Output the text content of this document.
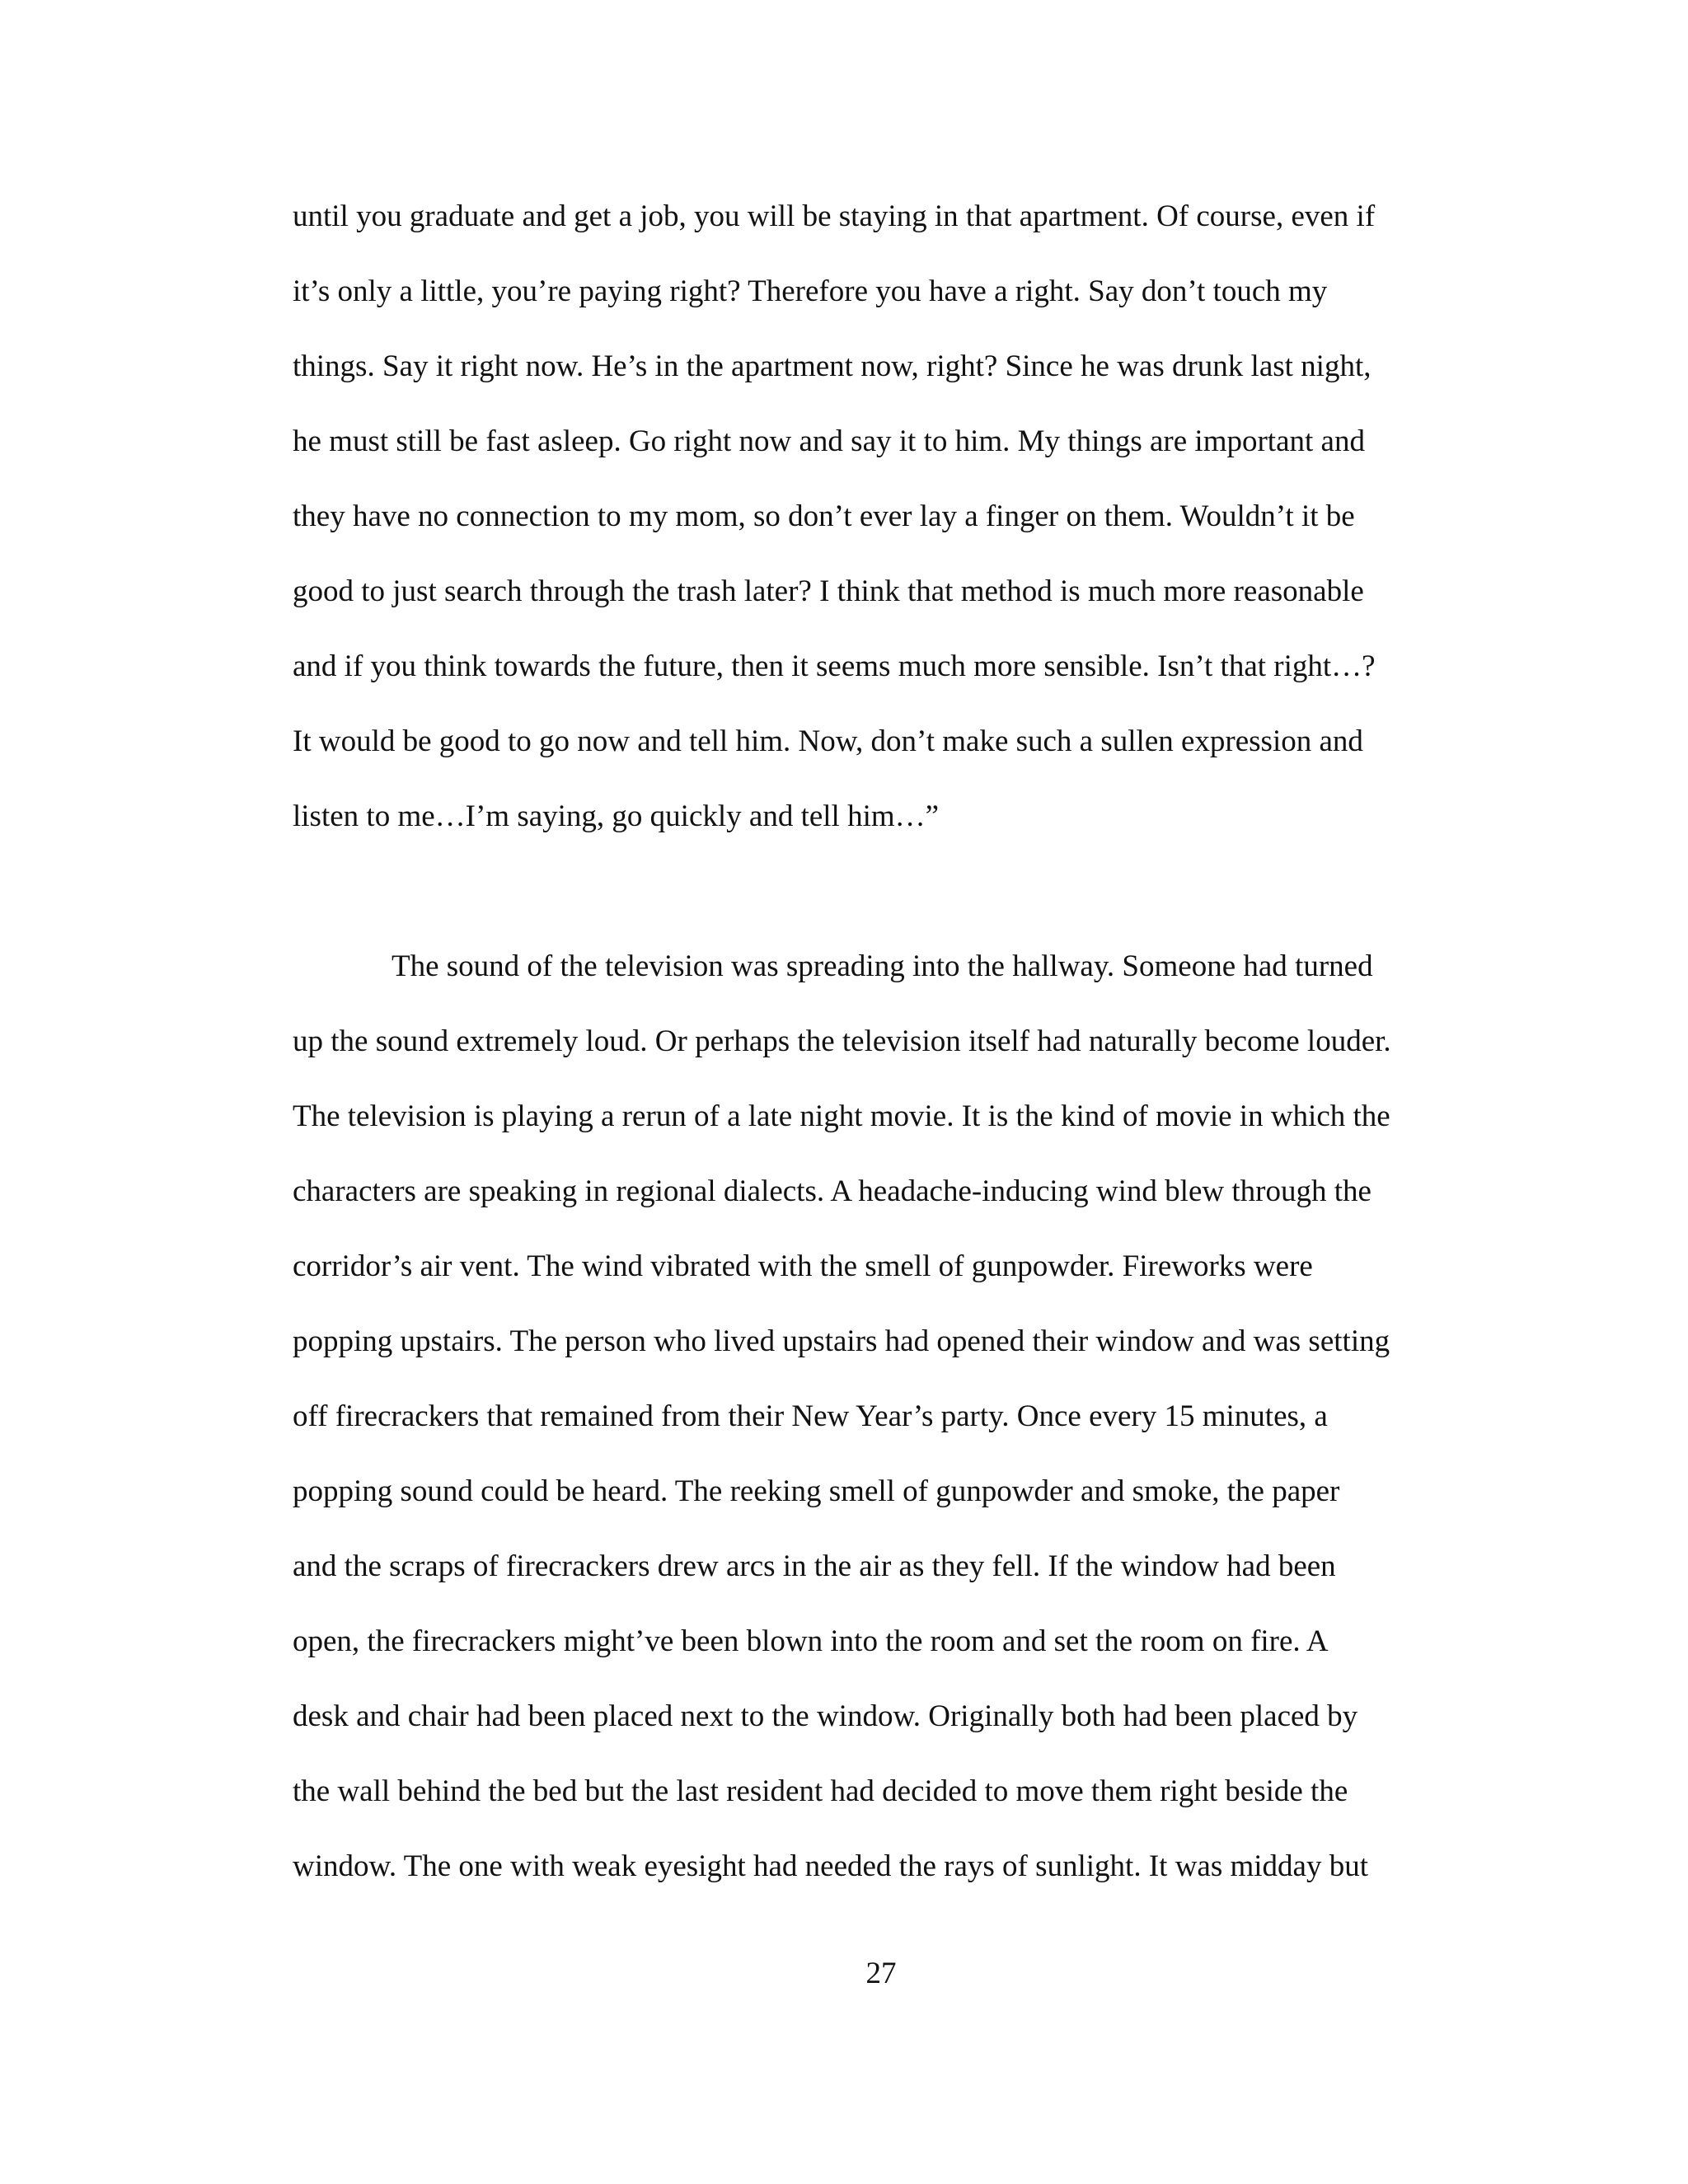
until you graduate and get a job, you will be staying in that apartment. Of course, even if
it’s only a little, you’re paying right? Therefore you have a right. Say don’t touch my
things. Say it right now. He’s in the apartment now, right? Since he was drunk last night,
he must still be fast asleep. Go right now and say it to him. My things are important and
they have no connection to my mom, so don’t ever lay a finger on them. Wouldn’t it be
good to just search through the trash later? I think that method is much more reasonable
and if you think towards the future, then it seems much more sensible. Isn’t that right…?
It would be good to go now and tell him. Now, don’t make such a sullen expression and
listen to me…I’m saying, go quickly and tell him…”
The sound of the television was spreading into the hallway. Someone had turned
up the sound extremely loud. Or perhaps the television itself had naturally become louder.
The television is playing a rerun of a late night movie. It is the kind of movie in which the
characters are speaking in regional dialects. A headache-inducing wind blew through the
corridor’s air vent. The wind vibrated with the smell of gunpowder. Fireworks were
popping upstairs. The person who lived upstairs had opened their window and was setting
off firecrackers that remained from their New Year’s party. Once every 15 minutes, a
popping sound could be heard. The reeking smell of gunpowder and smoke, the paper
and the scraps of firecrackers drew arcs in the air as they fell. If the window had been
open, the firecrackers might’ve been blown into the room and set the room on fire. A
desk and chair had been placed next to the window. Originally both had been placed by
the wall behind the bed but the last resident had decided to move them right beside the
window. The one with weak eyesight had needed the rays of sunlight. It was midday but
27
